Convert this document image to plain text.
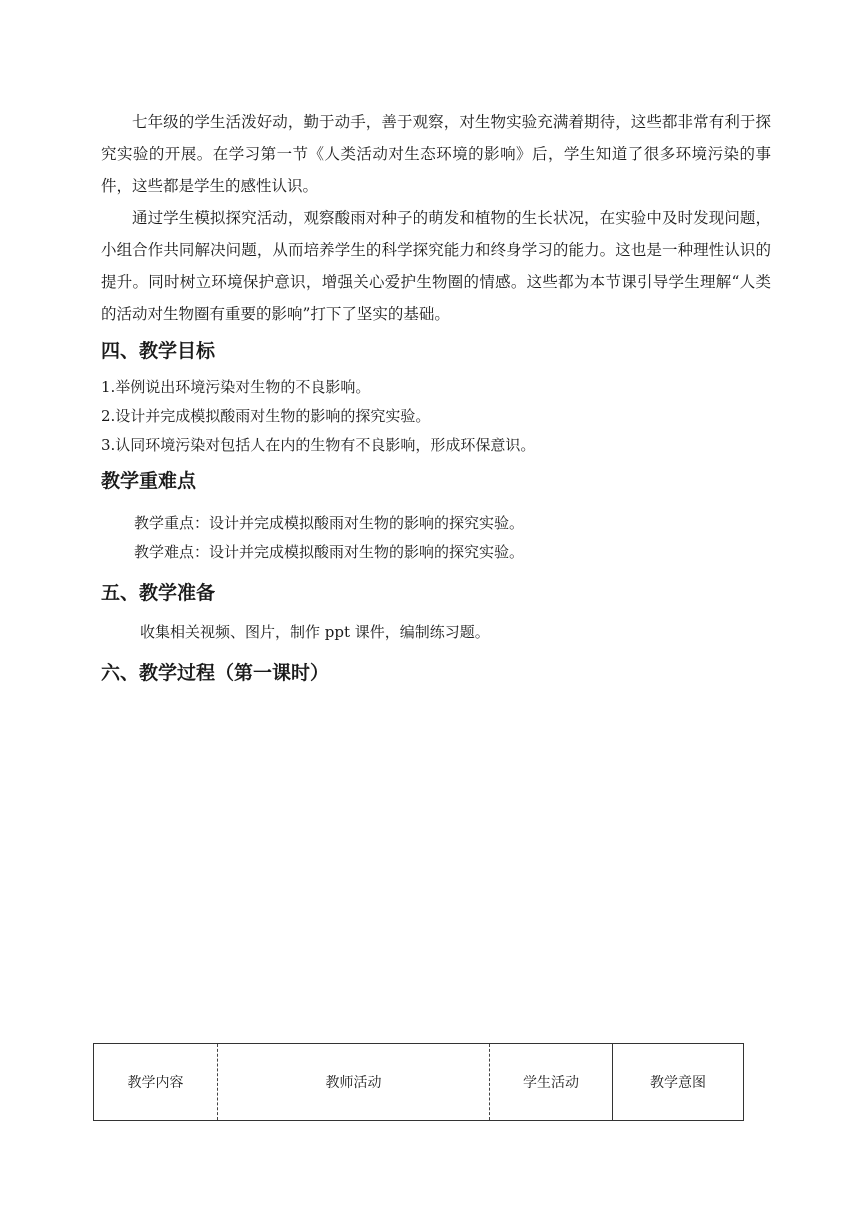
七年级的学生活泼好动，勤于动手，善于观察，对生物实验充满着期待，这些都非常有利于探究实验的开展。在学习第一节《人类活动对生态环境的影响》后，学生知道了很多环境污染的事件，这些都是学生的感性认识。

通过学生模拟探究活动，观察酸雨对种子的萌发和植物的生长状况，在实验中及时发现问题，小组合作共同解决问题，从而培养学生的科学探究能力和终身学习的能力。这也是一种理性认识的提升。同时树立环境保护意识，增强关心爱护生物圈的情感。这些都为本节课引导学生理解“人类的活动对生物圈有重要的影响”打下了坚实的基础。

四、教学目标
1.举例说出环境污染对生物的不良影响。
2.设计并完成模拟酸雨对生物的影响的探究实验。
3.认同环境污染对包括人在内的生物有不良影响，形成环保意识。
教学重难点

教学重点：设计并完成模拟酸雨对生物的影响的探究实验。

教学难点：设计并完成模拟酸雨对生物的影响的探究实验。

五、教学准备

收集相关视频、图片，制作 ppt 课件，编制练习题。

六、教学过程（第一课时）
教学内容	教师活动	学生活动	教学意图
